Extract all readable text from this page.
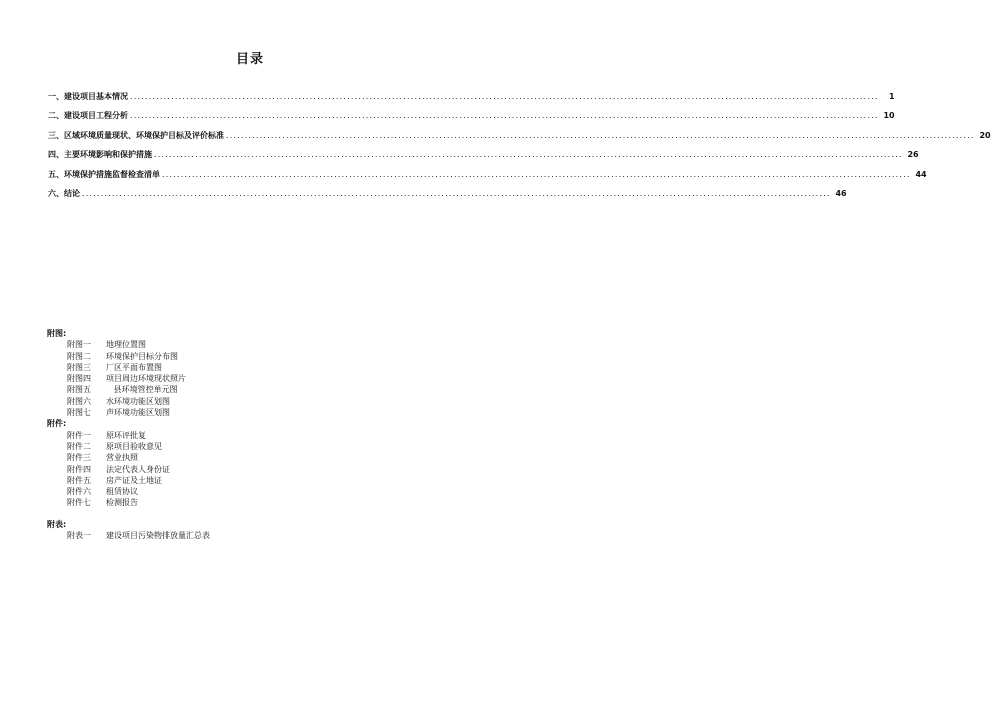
目录
一、建设项目基本情况 ........................................................................................................................................................................................................	1
二、建设项目工程分析 ........................................................................................................................................................................................................ 10
三、区域环境质量现状、环境保护目标及评价标准 ........................................................................................................................................................................................................ 20
四、主要环境影响和保护措施 ........................................................................................................................................................................................................ 26
五、环境保护措施监督检查清单 ........................................................................................................................................................................................................ 44
六、结论 ........................................................................................................................................................................................................ 46
附图:
附图一	地理位置图
附图二	环境保护目标分布图
附图三	厂区平面布置图
附图四	项目周边环境现状照片
附图五	县环境管控单元图
附图六	水环境功能区划图
附图七	声环境功能区划图
附件:
附件一	原环评批复
附件二	原项目验收意见
附件三	营业执照
附件四	法定代表人身份证
附件五	房产证及土地证
附件六	租赁协议
附件七	检测报告
附表:
附表一	建设项目污染物排放量汇总表
